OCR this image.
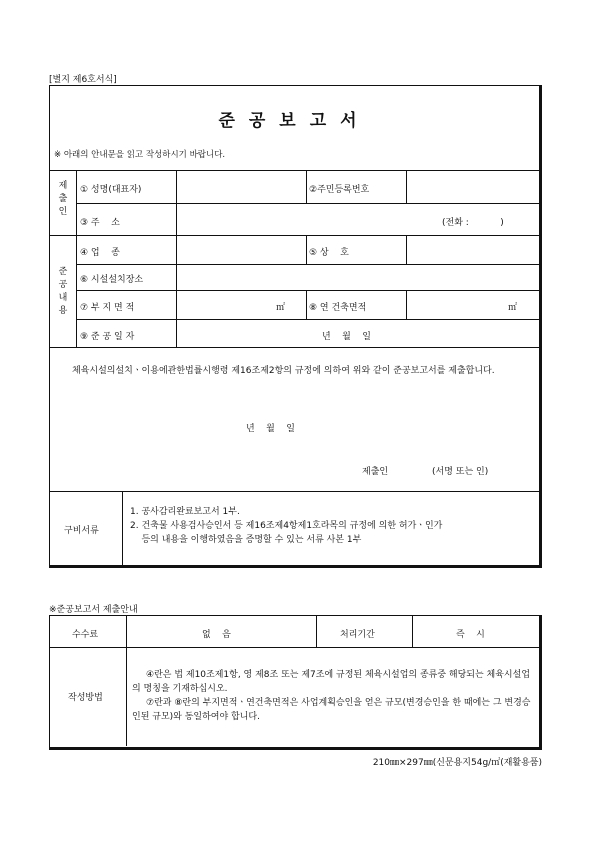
[별지 제6호서식]
준공보고서
※ 아래의 안내문을 읽고 작성하시기 바랍니다.
제
출
인
① 성명(대표자)	②주민등록번호
③ 주    소	(전화 :           )
준
공
내
용
④ 업    종	⑤ 상    호
⑥ 시설설치장소
⑦ 부 지 면 적	㎡	⑧ 연 건축면적	㎡
⑨ 준 공 일 자	년    월    일
체육시설의설치ㆍ이용에관한법률시행령 제16조제2항의 규정에 의하여 위와 같이 준공보고서를 제출합니다.
년    월    일
제출인	(서명 또는 인)
구비서류
1. 공사감리완료보고서 1부.
2. 건축물 사용검사승인서 등 제16조제4항제1호라목의 규정에 의한 허가ㆍ인가
등의 내용을 이행하였음을 증명할 수 있는 서류 사본 1부
※준공보고서 제출안내
수수료	없    음	처리기간	즉    시
작성방법

④란은 법 제10조제1항, 영 제8조 또는 제7조에 규정된 체육시설업의 종류중 해당되는 체육시설업의 명칭을 기재하십시오.

⑦란과 ⑧란의 부지면적ㆍ연건축면적은 사업계획승인을 얻은 규모(변경승인을 한 때에는 그 변경승인된 규모)와 동일하여야 합니다.

210㎜×297㎜(신문용지54g/㎡(재활용품)
